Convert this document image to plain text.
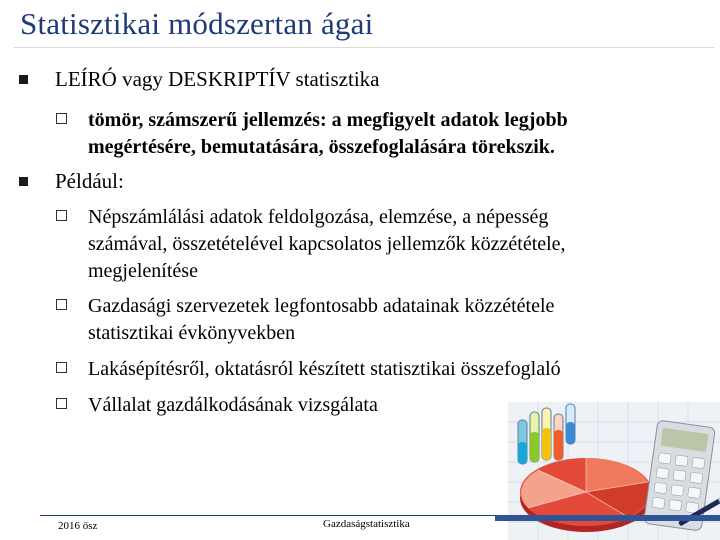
Statisztikai módszertan ágai
LEÍRÓ vagy DESKRIPTÍV statisztika
tömör, számszerű jellemzés: a megfigyelt adatok legjobb
megértésére, bemutatására, összefoglalására törekszik.
Például:
Népszámlálási adatok feldolgozása, elemzése, a népesség
számával, összetételével kapcsolatos jellemzők közzététele,
megjelenítése
Gazdasági szervezetek legfontosabb adatainak közzététele
statisztikai évkönyvekben
Lakásépítésről, oktatásról készített statisztikai összefoglaló
Vállalat gazdálkodásának vizsgálata
2016 ősz	Gazdaságstatisztika
